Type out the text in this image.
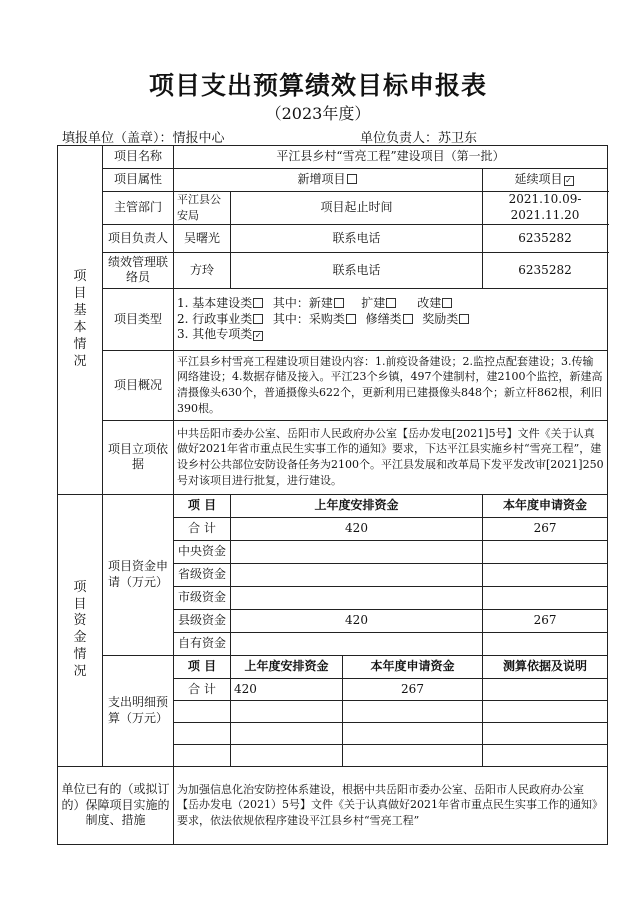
项目支出预算绩效目标申报表
（2023年度）
填报单位（盖章）：情报中心	单位负责人：苏卫东
项目基本情况	项目名称	平江县乡村“雪亮工程”建设项目（第一批）			
	项目属性	新增项目			延续项目 ✓
	主管部门	平江县公安局	项目起止时间		2021.10.09-2021.11.20
	项目负责人	吴曙光	联系电话		6235282
	绩效管理联络员	方玲	联系电话		6235282
	项目类型	1. 基本建设类 其中：新建 扩建 改建
2. 行政事业类 其中：采购类 修缮类 奖励类
3. 其他专项类 ✓			

	项目概况	平江县乡村雪亮工程建设项目建设内容：1.前疫设备建设；2.监控点配套建设；3.传输网络建设；4.数据存储及接入。平江23个乡镇，497个建制村，建2100个监控，新建高清摄像头630个，普通摄像头622个，更新利用已建摄像头848个；新立杆862根，利旧390根。			
	项目立项依据	中共岳阳市委办公室、岳阳市人民政府办公室【岳办发电[2021]5号】文件《关于认真做好2021年省市重点民生实事工作的通知》要求，下达平江县实施乡村“雪亮工程”，建设乡村公共部位安防设备任务为2100个。平江县发展和改革局下发平发改审[2021]250号对该项目进行批复，进行建设。			
项目资金情况	项目资金申请（万元）	项 目	上年度安排资金		本年度申请资金
		合 计	420		267
		中央资金			
		省级资金			
		市级资金			
		县级资金	420		267
		自有资金			
	支出明细预算（万元）	项 目	上年度安排资金	本年度申请资金	测算依据及说明
		合 计	420	267	

单位已有的（或拟订的）保障项目实施的制度、措施		为加强信息化治安防控体系建设，根据中共岳阳市委办公室、岳阳市人民政府办公室【岳办发电（2021）5号】文件《关于认真做好2021年省市重点民生实事工作的通知》要求，依法依规依程序建设平江县乡村“雪亮工程”			
